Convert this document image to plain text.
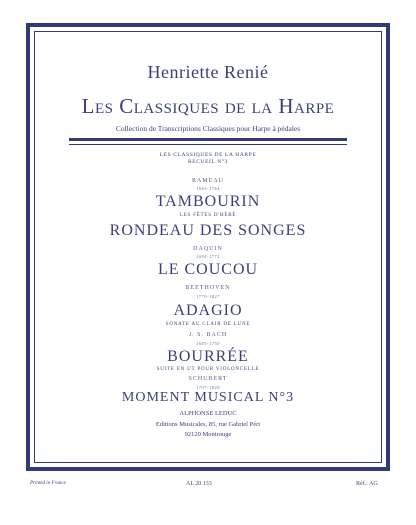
Henriette Renié
Les Classiques de la Harpe
Collection de Transcriptions Classiques pour Harpe à pédales
LES CLASSIQUES DE LA HARPE
RECUEIL N°3
RAMEAU
1683-1764
TAMBOURIN
LES FÊTES D'HÉBÉ
RONDEAU DES SONGES
DAQUIN
1694-1772
LE COUCOU
BEETHOVEN
1770-1827
ADAGIO
SONATE AU CLAIR DE LUNE
J. S. BACH
1685-1750
BOURRÉE
SUITE EN UT POUR VIOLONCELLE
SCHUBERT
1797-1828
MOMENT MUSICAL N°3
ALPHONSE LEDUC
Editions Musicales, 85, rue Gabriel Péri
92120 Montrouge
Printed in France	AL 20 133	Réf.: AG
